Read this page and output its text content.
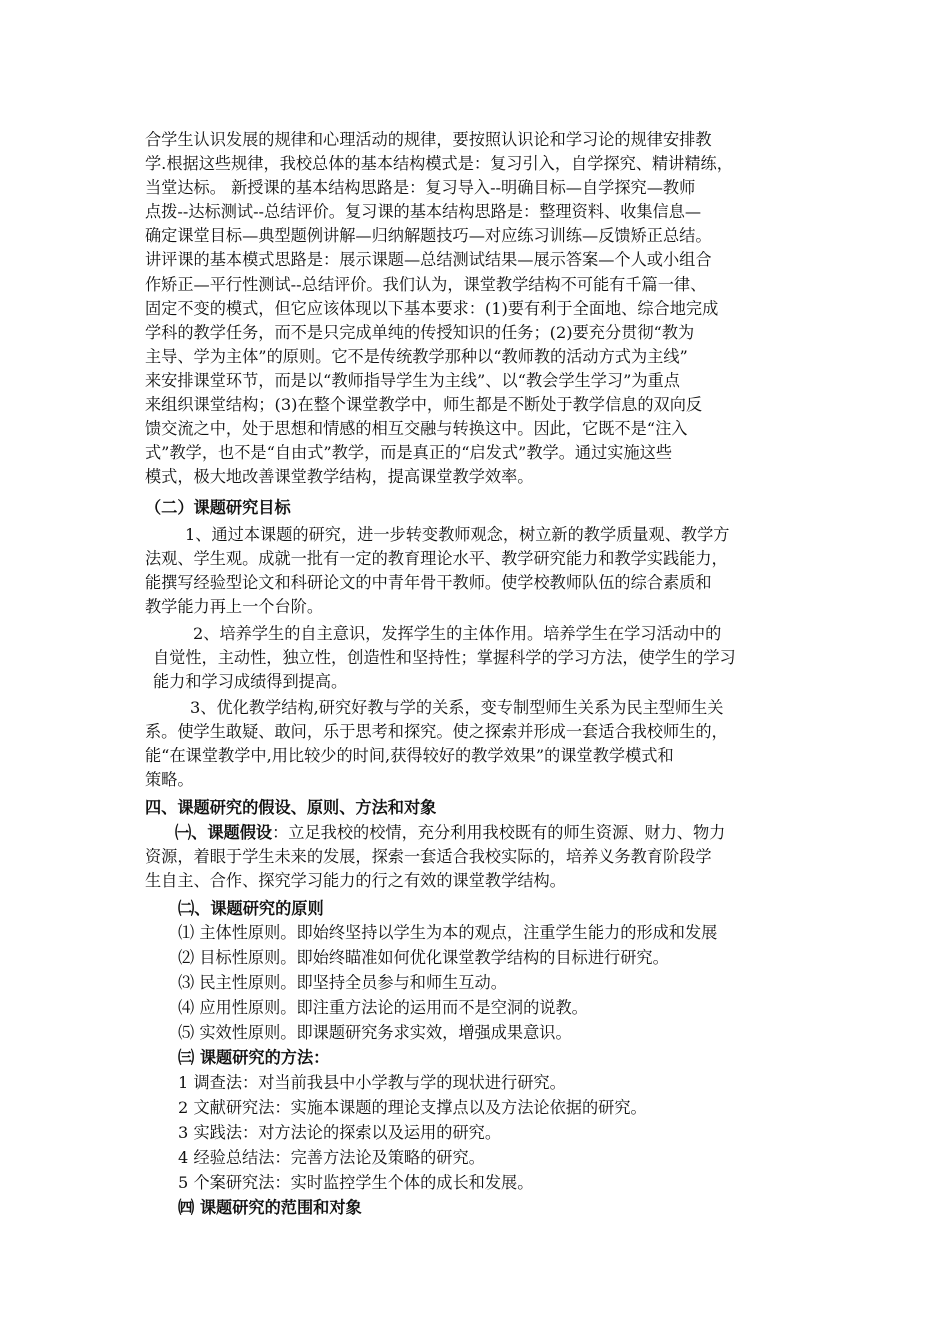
合学生认识发展的规律和心理活动的规律，要按照认识论和学习论的规律安排教
学.根据这些规律，我校总体的基本结构模式是：复习引入，自学探究、精讲精练，
当堂达标。 新授课的基本结构思路是：复习导入--明确目标—自学探究—教师
点拨--达标测试--总结评价。复习课的基本结构思路是：整理资料、收集信息—
确定课堂目标—典型题例讲解—归纳解题技巧—对应练习训练—反馈矫正总结。
讲评课的基本模式思路是：展示课题—总结测试结果—展示答案—个人或小组合
作矫正—平行性测试--总结评价。我们认为，课堂教学结构不可能有千篇一律、
固定不变的模式，但它应该体现以下基本要求：(1)要有利于全面地、综合地完成
学科的教学任务，而不是只完成单纯的传授知识的任务；(2)要充分贯彻“教为
主导、学为主体”的原则。它不是传统教学那种以“教师教的活动方式为主线”
来安排课堂环节，而是以“教师指导学生为主线”、以“教会学生学习”为重点
来组织课堂结构；(3)在整个课堂教学中，师生都是不断处于教学信息的双向反
馈交流之中，处于思想和情感的相互交融与转换这中。因此，它既不是“注入
式”教学，也不是“自由式”教学，而是真正的“启发式”教学。通过实施这些
模式，极大地改善课堂教学结构，提高课堂教学效率。
（二）课题研究目标
1、通过本课题的研究，进一步转变教师观念，树立新的教学质量观、教学方
法观、学生观。成就一批有一定的教育理论水平、教学研究能力和教学实践能力，
能撰写经验型论文和科研论文的中青年骨干教师。使学校教师队伍的综合素质和
教学能力再上一个台阶。
2、培养学生的自主意识，发挥学生的主体作用。培养学生在学习活动中的
自觉性，主动性，独立性，创造性和坚持性；掌握科学的学习方法，使学生的学习
能力和学习成绩得到提高。
3、优化教学结构,研究好教与学的关系，变专制型师生关系为民主型师生关
系。使学生敢疑、敢问，乐于思考和探究。使之探索并形成一套适合我校师生的，
能“在课堂教学中,用比较少的时间,获得较好的教学效果”的课堂教学模式和
策略。
四、课题研究的假设、原则、方法和对象
㈠、课题假设：立足我校的校情，充分利用我校既有的师生资源、财力、物力
资源，着眼于学生未来的发展，探索一套适合我校实际的，培养义务教育阶段学
生自主、合作、探究学习能力的行之有效的课堂教学结构。
㈡、课题研究的原则
⑴ 主体性原则。即始终坚持以学生为本的观点，注重学生能力的形成和发展
⑵ 目标性原则。即始终瞄准如何优化课堂教学结构的目标进行研究。
⑶ 民主性原则。即坚持全员参与和师生互动。
⑷ 应用性原则。即注重方法论的运用而不是空洞的说教。
⑸ 实效性原则。即课题研究务求实效，增强成果意识。
㈢ 课题研究的方法：
1 调查法：对当前我县中小学教与学的现状进行研究。
2 文献研究法：实施本课题的理论支撑点以及方法论依据的研究。
3 实践法：对方法论的探索以及运用的研究。
4 经验总结法：完善方法论及策略的研究。
5 个案研究法：实时监控学生个体的成长和发展。
㈣ 课题研究的范围和对象
